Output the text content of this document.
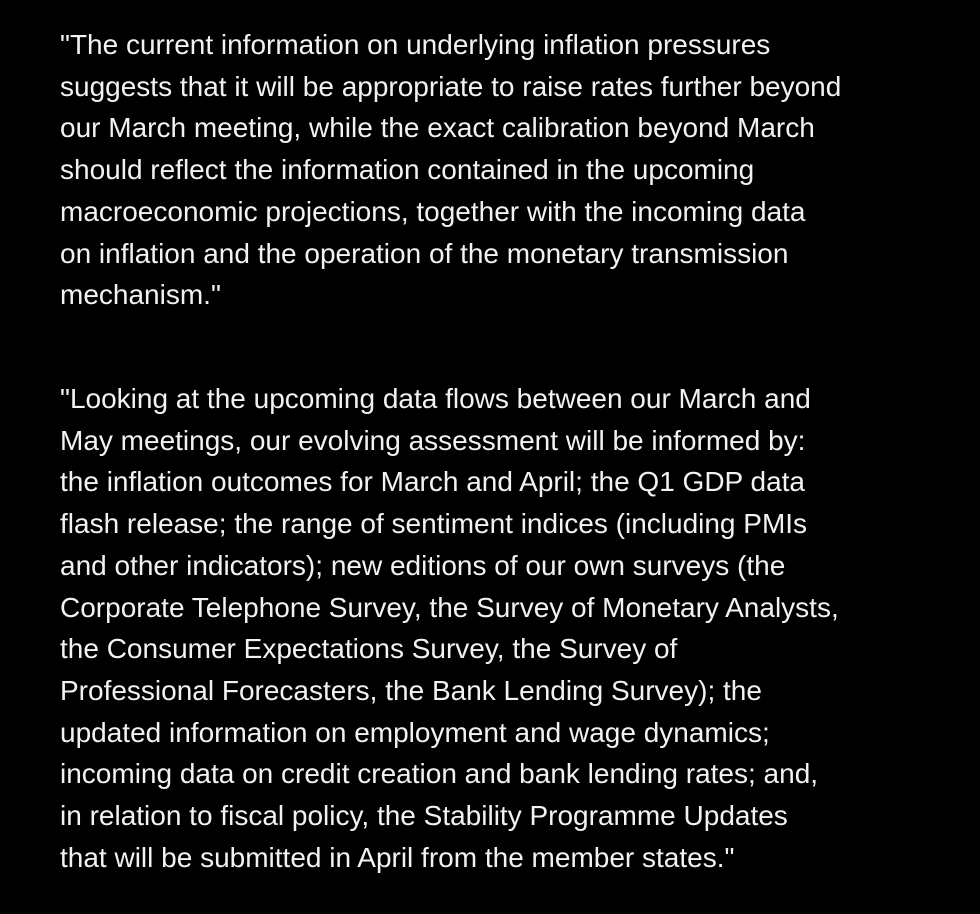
"The current information on underlying inflation pressures
suggests that it will be appropriate to raise rates further beyond
our March meeting, while the exact calibration beyond March
should reflect the information contained in the upcoming
macroeconomic projections, together with the incoming data
on inflation and the operation of the monetary transmission
mechanism."

"Looking at the upcoming data flows between our March and
May meetings, our evolving assessment will be informed by:
the inflation outcomes for March and April; the Q1 GDP data
flash release; the range of sentiment indices (including PMIs
and other indicators); new editions of our own surveys (the
Corporate Telephone Survey, the Survey of Monetary Analysts,
the Consumer Expectations Survey, the Survey of
Professional Forecasters, the Bank Lending Survey); the
updated information on employment and wage dynamics;
incoming data on credit creation and bank lending rates; and,
in relation to fiscal policy, the Stability Programme Updates
that will be submitted in April from the member states."
